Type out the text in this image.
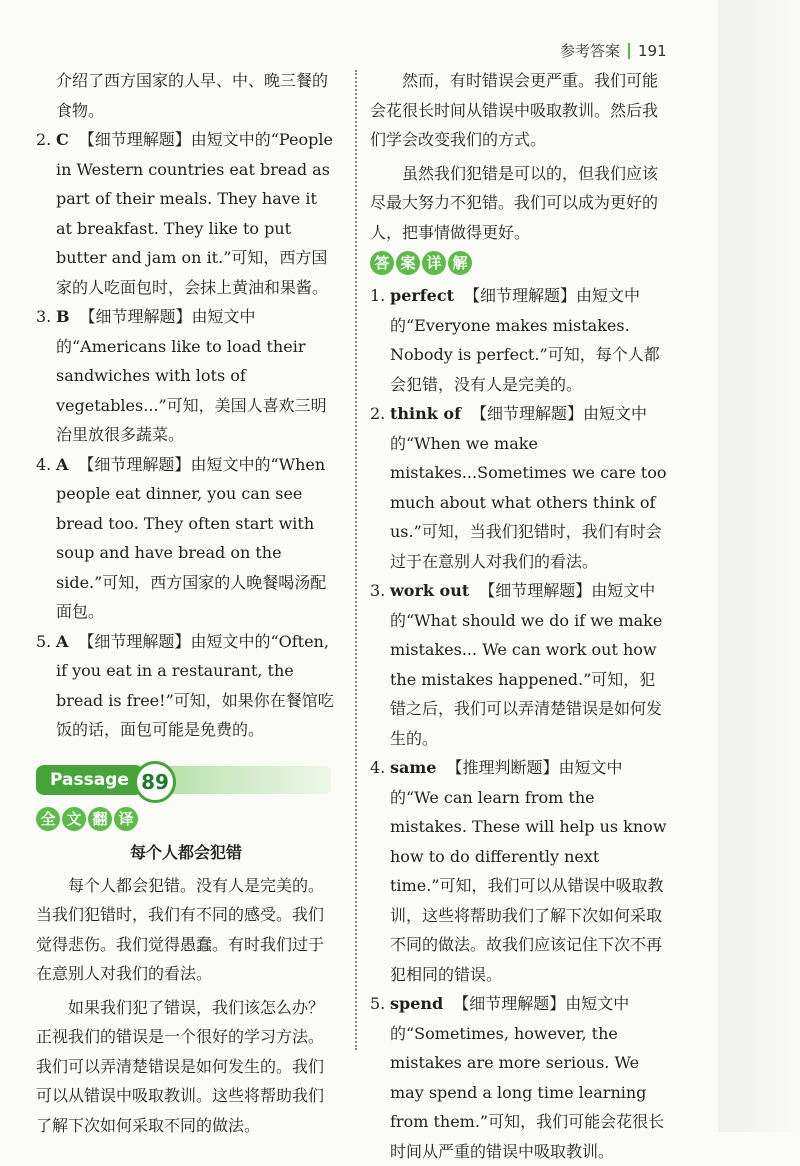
参考答案 191

介绍了西方国家的人早、中、晚三餐的

食物。

2. C 【细节理解题】由短文中的“People in Western countries eat bread as part of their meals. They have it at breakfast. They like to put butter and jam on it.”可知，西方国家的人吃面包时，会抹上黄油和果酱。
3. B 【细节理解题】由短文中的“Americans like to load their sandwiches with lots of vegetables...”可知，美国人喜欢三明治里放很多蔬菜。
4. A 【细节理解题】由短文中的“When people eat dinner, you can see bread too. They often start with soup and have bread on the side.”可知，西方国家的人晚餐喝汤配面包。
5. A 【细节理解题】由短文中的“Often, if you eat in a restaurant, the bread is free!”可知，如果你在餐馆吃饭的话，面包可能是免费的。
Passage 89
全 文 翻 译
每个人都会犯错

每个人都会犯错。没有人是完美的。当我们犯错时，我们有不同的感受。我们觉得悲伤。我们觉得愚蠢。有时我们过于在意别人对我们的看法。

如果我们犯了错误，我们该怎么办？正视我们的错误是一个很好的学习方法。我们可以弄清楚错误是如何发生的。我们可以从错误中吸取教训。这些将帮助我们了解下次如何采取不同的做法。

然而，有时错误会更严重。我们可能会花很长时间从错误中吸取教训。然后我们学会改变我们的方式。

虽然我们犯错是可以的，但我们应该尽最大努力不犯错。我们可以成为更好的人，把事情做得更好。

答 案 详 解
1. perfect 【细节理解题】由短文中的“Everyone makes mistakes. Nobody is perfect.”可知，每个人都会犯错，没有人是完美的。
2. think of 【细节理解题】由短文中的“When we make mistakes...Sometimes we care too much about what others think of us.”可知，当我们犯错时，我们有时会过于在意别人对我们的看法。
3. work out 【细节理解题】由短文中的“What should we do if we make mistakes... We can work out how the mistakes happened.”可知，犯错之后，我们可以弄清楚错误是如何发生的。
4. same 【推理判断题】由短文中的“We can learn from the mistakes. These will help us know how to do differently next time.”可知，我们可以从错误中吸取教训，这些将帮助我们了解下次如何采取不同的做法。故我们应该记住下次不再犯相同的错误。
5. spend 【细节理解题】由短文中的“Sometimes, however, the mistakes are more serious. We may spend a long time learning from them.”可知，我们可能会花很长时间从严重的错误中吸取教训。
